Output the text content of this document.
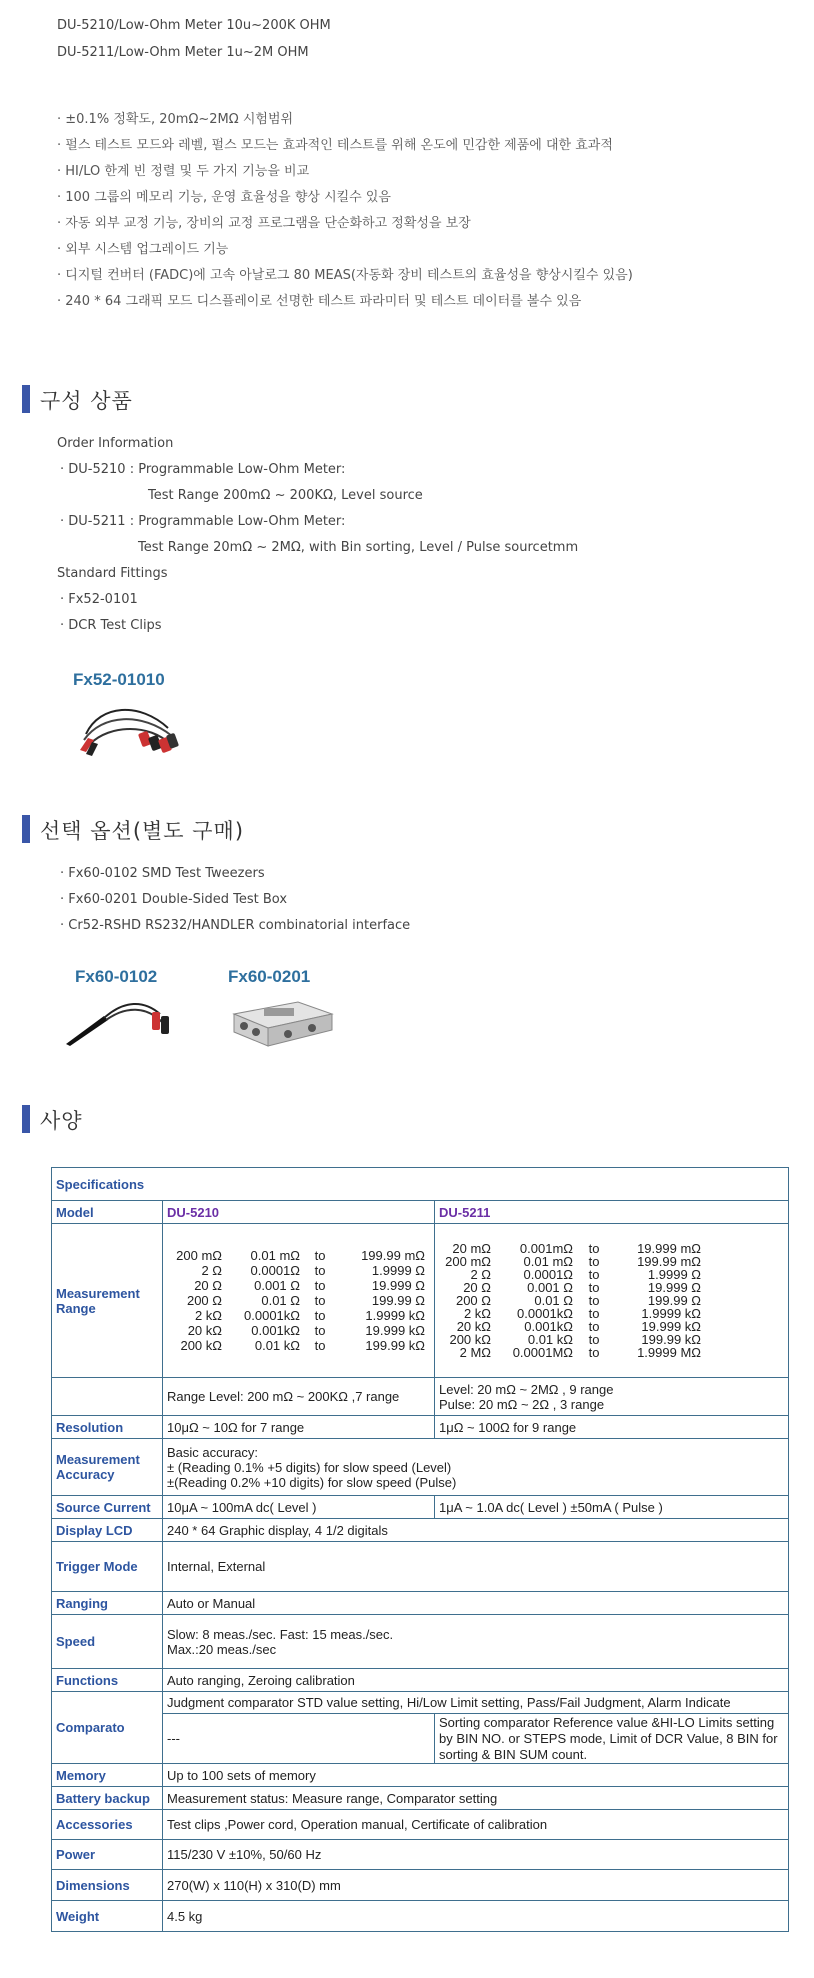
DU-5210/Low-Ohm Meter 10u~200K OHM
DU-5211/Low-Ohm Meter 1u~2M OHM
· ±0.1% 정확도, 20mΩ~2MΩ 시험범위
· 펄스 테스트 모드와 레벨, 펄스 모드는 효과적인 테스트를 위해 온도에 민감한 제품에 대한 효과적
· HI/LO 한계 빈 정렬 및 두 가지 기능을 비교
· 100 그룹의 메모리 기능, 운영 효율성을 향상 시킬수 있음
· 자동 외부 교정 기능, 장비의 교정 프로그램을 단순화하고 정확성을 보장
· 외부 시스템 업그레이드 기능
· 디지털 컨버터 (FADC)에 고속 아날로그 80 MEAS(자동화 장비 테스트의 효율성을 향상시킬수 있음)
· 240 * 64 그래픽 모드 디스플레이로 선명한 테스트 파라미터 및 테스트 데이터를 볼수 있음
구성 상품
Order Information
· DU-5210 : Programmable Low-Ohm Meter:
Test Range 200mΩ ~ 200KΩ, Level source
· DU-5211 : Programmable Low-Ohm Meter:
Test Range 20mΩ ~ 2MΩ, with Bin sorting, Level / Pulse sourcetmm
Standard Fittings
· Fx52-0101
· DCR Test Clips
Fx52-01010
선택 옵션(별도 구매)
· Fx60-0102 SMD Test Tweezers
· Fx60-0201 Double-Sided Test Box
· Cr52-RSHD RS232/HANDLER combinatorial interface
Fx60-0102	Fx60-0201
사양
Specifications
Model	DU-5210	DU-5211
Measurement Range	
200 mΩ	0.01 mΩ	to	199.99 mΩ
2 Ω	0.0001Ω	to	1.9999 Ω
20 Ω	0.001 Ω	to	19.999 Ω
200 Ω	0.01 Ω	to	199.99 Ω
2 kΩ	0.0001kΩ	to	1.9999 kΩ
20 kΩ	0.001kΩ	to	19.999 kΩ
200 kΩ	0.01 kΩ	to	199.99 kΩ

20 mΩ	0.001mΩ	to	19.999 mΩ
200 mΩ	0.01 mΩ	to	199.99 mΩ
2 Ω	0.0001Ω	to	1.9999 Ω
20 Ω	0.001 Ω	to	19.999 Ω
200 Ω	0.01 Ω	to	199.99 Ω
2 kΩ	0.0001kΩ	to	1.9999 kΩ
20 kΩ	0.001kΩ	to	19.999 kΩ
200 kΩ	0.01 kΩ	to	199.99 kΩ
2 MΩ	0.0001MΩ	to	1.9999 MΩ

	Range Level: 200 mΩ ~ 200KΩ ,7 range	Level: 20 mΩ ~ 2MΩ , 9 range
Pulse: 20 mΩ ~ 2Ω , 3 range

Resolution	10μΩ ~ 10Ω for 7 range	1μΩ ~ 100Ω for 9 range
Measurement Accuracy	
Basic accuracy:
± (Reading 0.1% +5 digits) for slow speed (Level)
±(Reading 0.2% +10 digits) for slow speed (Pulse)

Source Current	10μA ~ 100mA dc( Level )	1μA ~ 1.0A dc( Level ) ±50mA ( Pulse )
Display LCD	240 * 64 Graphic display, 4 1/2 digitals
Trigger Mode	Internal, External
Ranging	Auto or Manual
Speed	Slow: 8 meas./sec. Fast: 15 meas./sec.
Max.:20 meas./sec

Functions	Auto ranging, Zeroing calibration
Comparato	Judgment comparator STD value setting, Hi/Low Limit setting, Pass/Fail Judgment, Alarm Indicate
---	Sorting comparator Reference value &HI-LO Limits setting by BIN NO. or STEPS mode, Limit of DCR Value, 8 BIN for sorting & BIN SUM count.
Memory	Up to 100 sets of memory
Battery backup	Measurement status: Measure range, Comparator setting
Accessories	Test clips ,Power cord, Operation manual, Certificate of calibration
Power	115/230 V ±10%, 50/60 Hz
Dimensions	270(W) x 110(H) x 310(D) mm
Weight	4.5 kg
